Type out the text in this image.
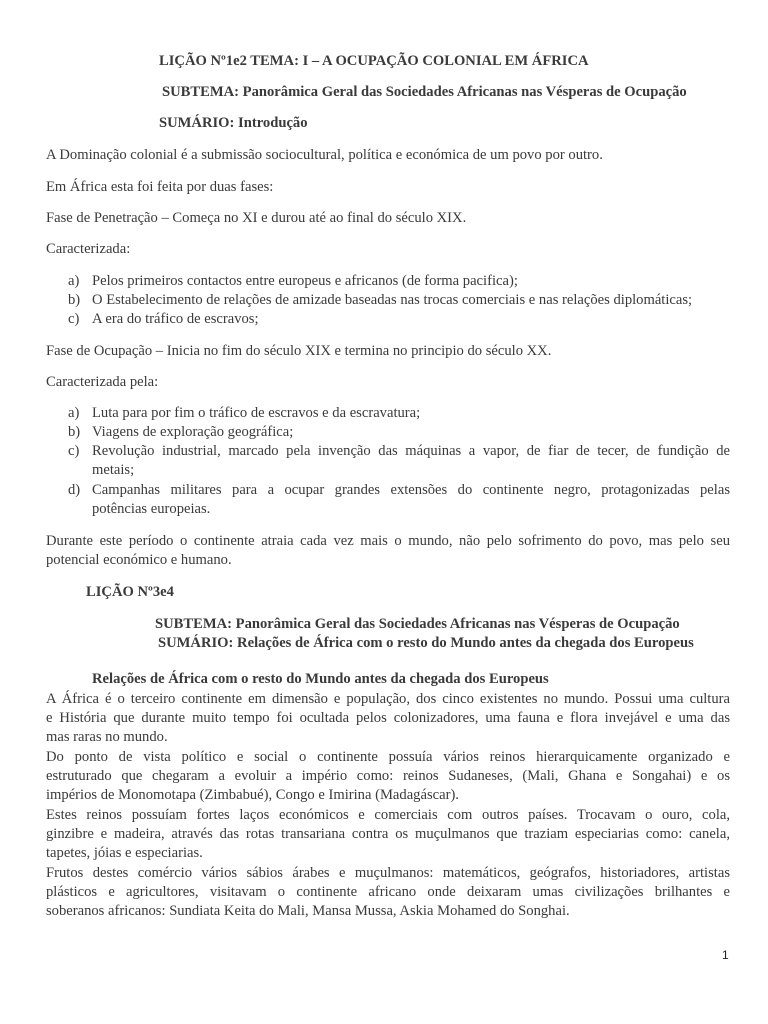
LIÇÃO Nº1e2 TEMA: I – A OCUPAÇÃO COLONIAL EM ÁFRICA
SUBTEMA: Panorâmica Geral das Sociedades Africanas nas Vésperas de Ocupação
SUMÁRIO: Introdução
A Dominação colonial é a submissão sociocultural, política e económica de um povo por outro.
Em África esta foi feita por duas fases:
Fase de Penetração – Começa no XI e durou até ao final do século XIX.
Caracterizada:
a) Pelos primeiros contactos entre europeus e africanos (de forma pacifica);
b) O Estabelecimento de relações de amizade baseadas nas trocas comerciais e nas relações diplomáticas;
c) A era do tráfico de escravos;
Fase de Ocupação – Inicia no fim do século XIX e termina no principio do século XX.
Caracterizada pela:
a) Luta para por fim o tráfico de escravos e da escravatura;
b) Viagens de exploração geográfica;
c) Revolução industrial, marcado pela invenção das máquinas a vapor, de fiar de tecer, de fundição de
metais;
d) Campanhas militares para a ocupar grandes extensões do continente negro, protagonizadas pelas
potências europeias.
Durante este período o continente atraia cada vez mais o mundo, não pelo sofrimento do povo, mas pelo seu
potencial económico e humano.
LIÇÃO Nº3e4
SUBTEMA: Panorâmica Geral das Sociedades Africanas nas Vésperas de Ocupação
SUMÁRIO: Relações de África com o resto do Mundo antes da chegada dos Europeus
Relações de África com o resto do Mundo antes da chegada dos Europeus
A África é o terceiro continente em dimensão e população, dos cinco existentes no mundo. Possui uma cultura
e História que durante muito tempo foi ocultada pelos colonizadores, uma fauna e flora invejável e uma das
mas raras no mundo.
Do ponto de vista político e social o continente possuía vários reinos hierarquicamente organizado e
estruturado que chegaram a evoluir a império como: reinos Sudaneses, (Mali, Ghana e Songahai) e os
impérios de Monomotapa (Zimbabué), Congo e Imirina (Madagáscar).
Estes reinos possuíam fortes laços económicos e comerciais com outros países. Trocavam o ouro, cola,
ginzibre e madeira, através das rotas transariana contra os muçulmanos que traziam especiarias como: canela,
tapetes, jóias e especiarias.
Frutos destes comércio vários sábios árabes e muçulmanos: matemáticos, geógrafos, historiadores, artistas
plásticos e agricultores, visitavam o continente africano onde deixaram umas civilizações brilhantes e
soberanos africanos: Sundiata Keita do Mali, Mansa Mussa, Askia Mohamed do Songhai.
1
